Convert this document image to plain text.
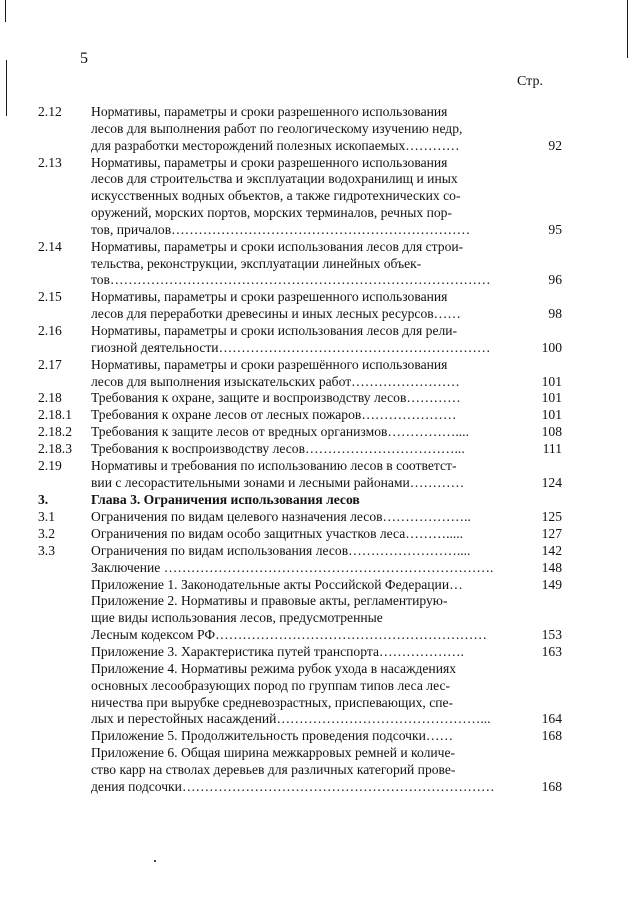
5
Стр.
2.12	Нормативы, параметры и сроки разрешенного использования
лесов для выполнения работ по геологическому изучению недр,
для разработки месторождений полезных ископаемых…………	92
2.13	Нормативы, параметры и сроки разрешенного использования
лесов для строительства и эксплуатации водохранилищ и иных
искусственных водных объектов, а также гидротехнических со-
оружений, морских портов, морских терминалов, речных пор-
тов, причалов…………………………………………………………	95
2.14	Нормативы, параметры и сроки использования лесов для строи-
тельства, реконструкции, эксплуатации линейных объек-
тов…………………………………………………………………………	96
2.15	Нормативы, параметры и сроки разрешенного использования
лесов для переработки древесины и иных лесных ресурсов……	98
2.16	Нормативы, параметры и сроки использования лесов для рели-
гиозной деятельности……………………………………………………	100
2.17	Нормативы, параметры и сроки разрешённого использования
лесов для выполнения изыскательских работ……………………	101
2.18	Требования к охране, защите и воспроизводству лесов…………	101
2.18.1	Требования к охране лесов от лесных пожаров…………………	101
2.18.2	Требования к защите лесов от вредных организмов……………....	108
2.18.3	Требования к воспроизводству лесов……………………………...	111
2.19	Нормативы и требования по использованию лесов в соответст-
вии с лесорастительными зонами и лесными районами…………	124
3.	Глава 3. Ограничения использования лесов
3.1	Ограничения по видам целевого назначения лесов………………..	125
3.2	Ограничения по видам особо защитных участков леса……….....	127
3.3	Ограничения по видам использования лесов……………………....	142
Заключение ……………………………………………………………….	148
Приложение 1. Законодательные акты Российской Федерации…	149
Приложение 2. Нормативы и правовые акты, регламентирую-
щие виды использования лесов, предусмотренные
Лесным кодексом РФ……………………………………………………	153
Приложение 3. Характеристика путей транспорта……………….	163
Приложение 4. Нормативы режима рубок ухода в насаждениях
основных лесообразующих пород по группам типов леса лес-
ничества при вырубке средневозрастных, приспевающих, спе-
лых и перестойных насаждений………………………………………...	164
Приложение 5. Продолжительность проведения подсочки……	168
Приложение 6. Общая ширина межкарровых ремней и количе-
ство карр на стволах деревьев для различных категорий прове-
дения подсочки……………………………………………………………	168
